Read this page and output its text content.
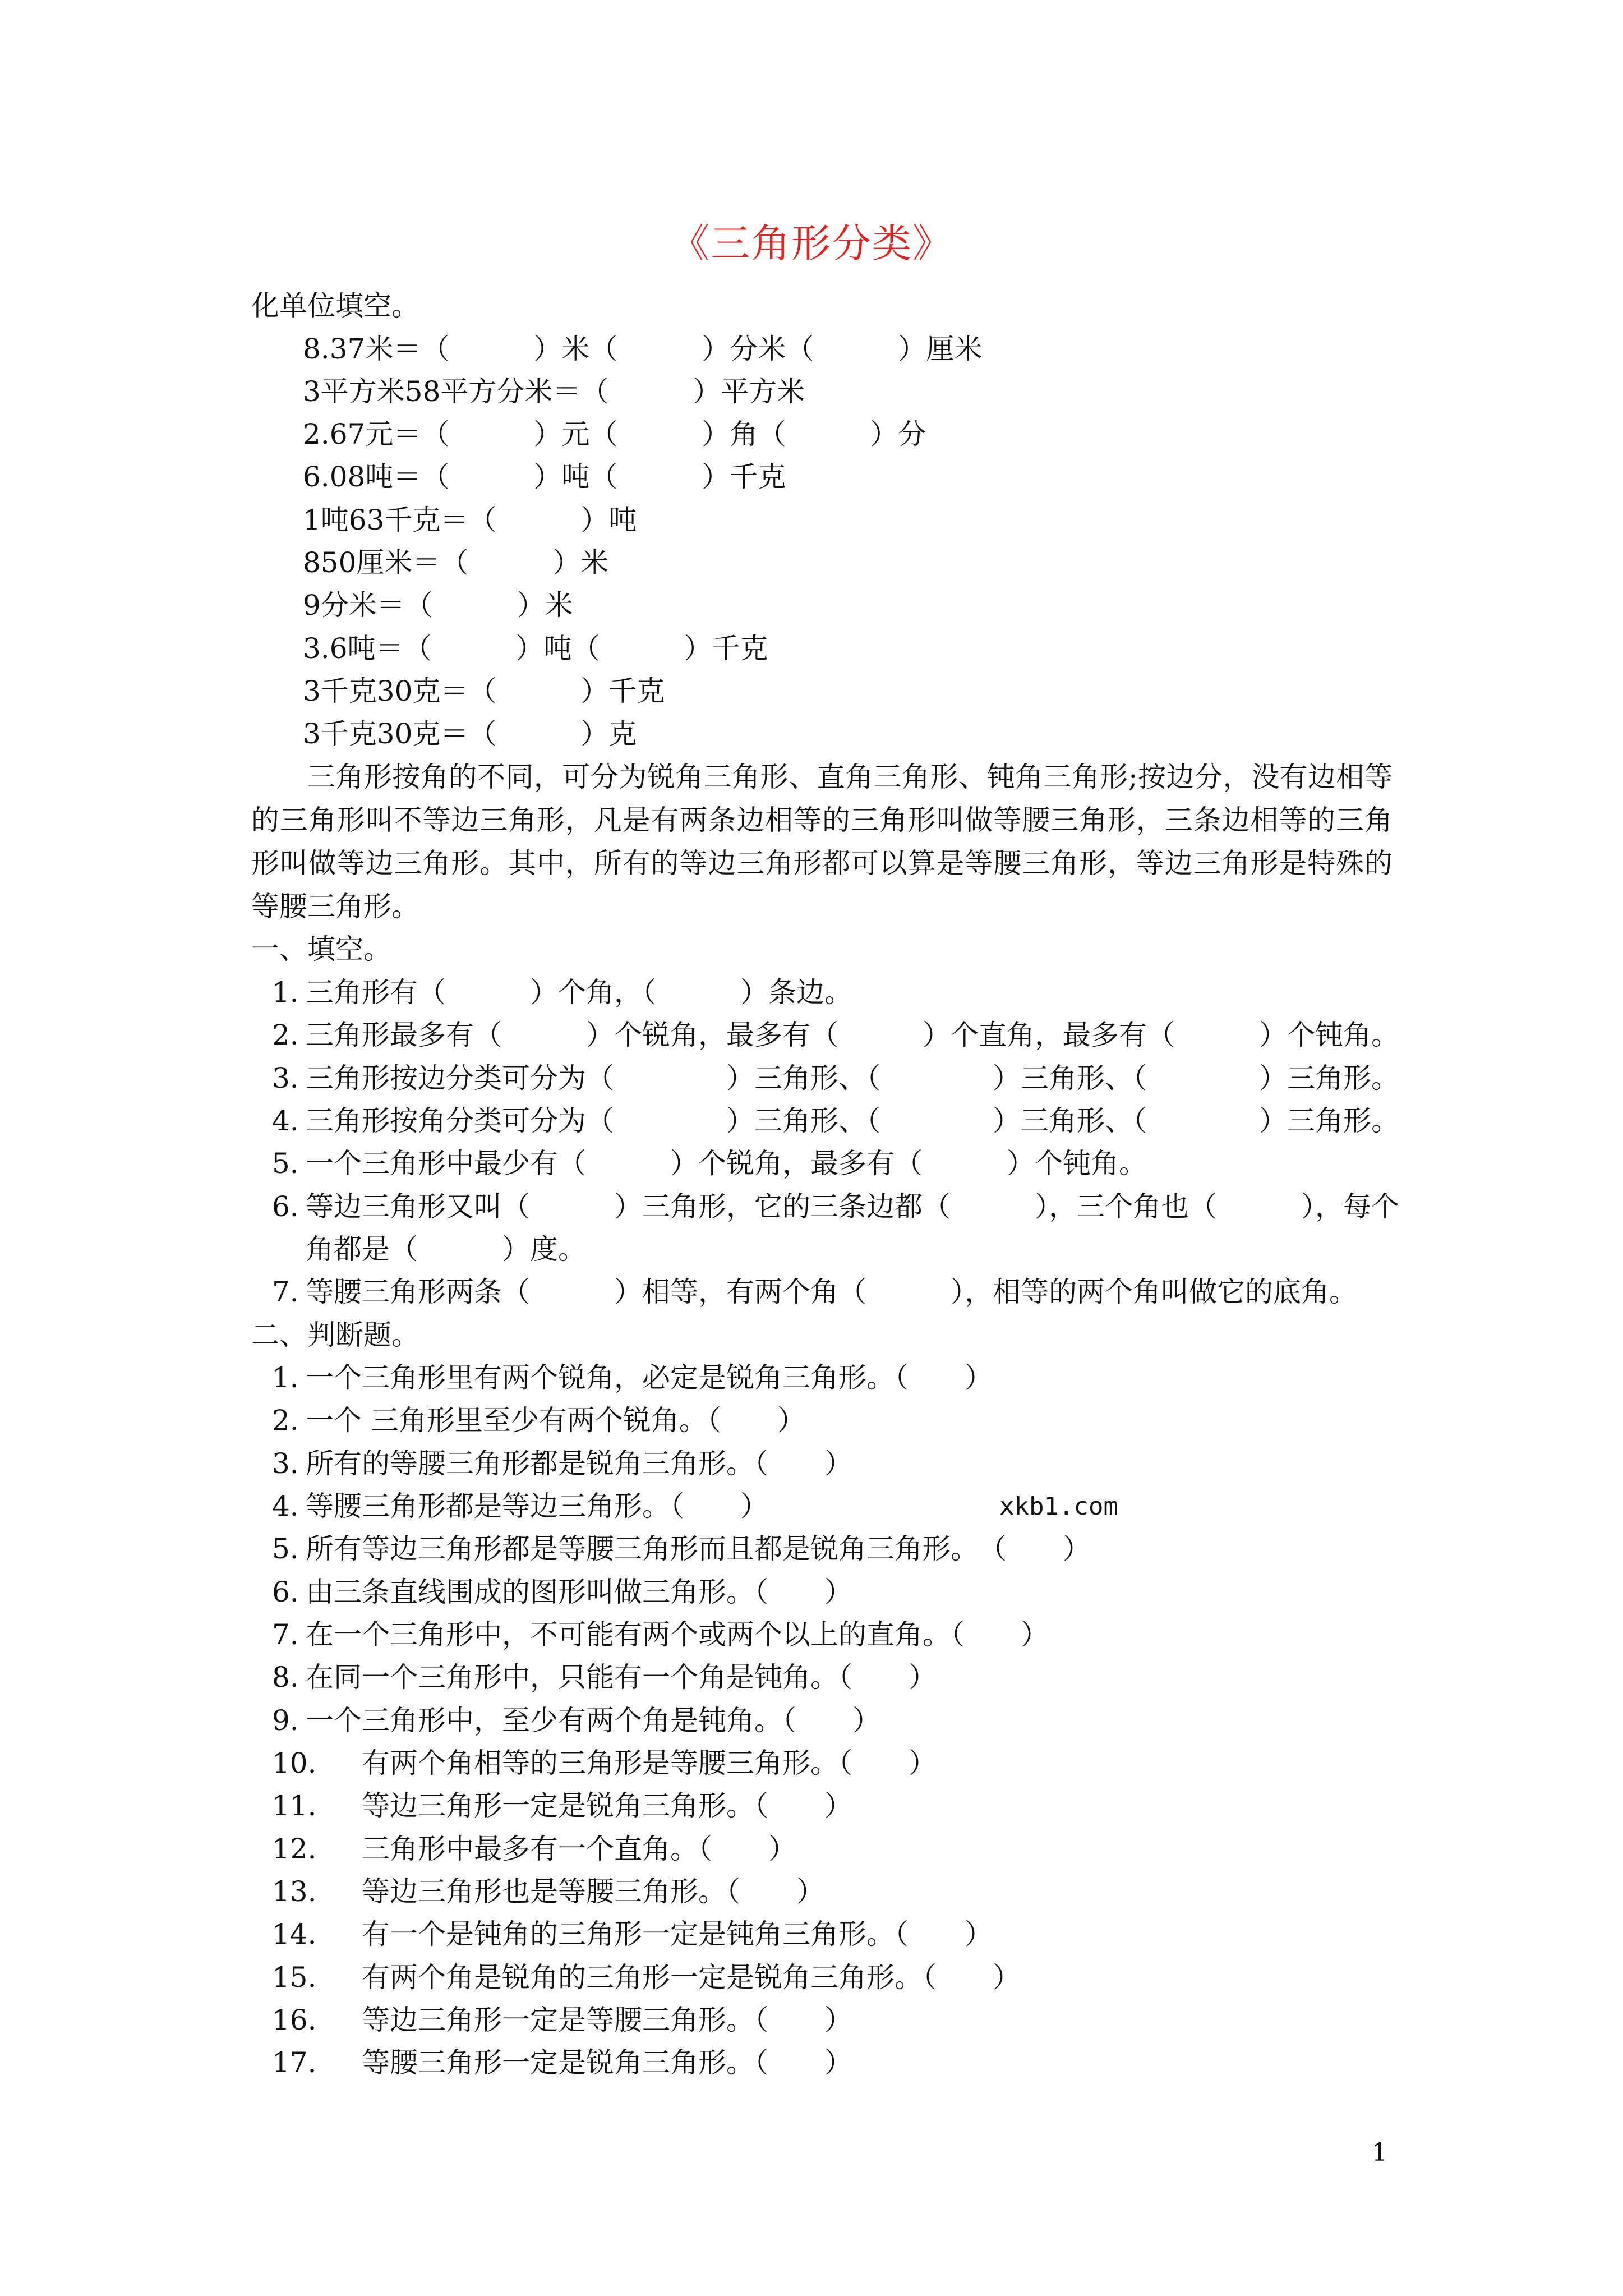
《三角形分类》
化单位填空。
8.37米＝（　　　）米（　　　）分米（　　　）厘米
3平方米58平方分米＝（　　　）平方米
2.67元＝（　　　）元（　　　）角（　　　）分
6.08吨＝（　　　）吨（　　　）千克
1吨63千克＝（　　　）吨
850厘米＝（　　　）米
9分米＝（　　　）米
3.6吨＝（　　　）吨（　　　）千克
3千克30克＝（　　　）千克
3千克30克＝（　　　）克
三角形按角的不同，可分为锐角三角形、直角三角形、钝角三角形;按边分，没有边相等的三角形叫不等边三角形，凡是有两条边相等的三角形叫做等腰三角形，三条边相等的三角形叫做等边三角形。其中，所有的等边三角形都可以算是等腰三角形，等边三角形是特殊的等腰三角形。
一、填空。
1. 三角形有（　　　）个角，（　　　）条边。
2. 三角形最多有（　　　）个锐角，最多有（　　　）个直角，最多有（　　　）个钝角。
3. 三角形按边分类可分为（　　　　）三角形、（　　　　）三角形、（　　　　）三角形。
4. 三角形按角分类可分为（　　　　）三角形、（　　　　）三角形、（　　　　）三角形。
5. 一个三角形中最少有（　　　）个锐角，最多有（　　　）个钝角。
6. 等边三角形又叫（　　　）三角形，它的三条边都（　　　），三个角也（　　　），每个
角都是（　　　）度。
7. 等腰三角形两条（　　　）相等，有两个角（　　　），相等的两个角叫做它的底角。
二、判断题。
1. 一个三角形里有两个锐角，必定是锐角三角形。（　　）
2. 一个 三角形里至少有两个锐角。（　　）
3. 所有的等腰三角形都是锐角三角形。（　　）
4. 等腰三角形都是等边三角形。（　　）
5. 所有等边三角形都是等腰三角形而且都是锐角三角形。　（　　）
6. 由三条直线围成的图形叫做三角形。（　　）
7. 在一个三角形中，不可能有两个或两个以上的直角。（　　）
8. 在同一个三角形中，只能有一个角是钝角。（　　）
9. 一个三角形中，至少有两个角是钝角。（　　）
10. 有两个角相等的三角形是等腰三角形。（　　）
11. 等边三角形一定是锐角三角形。（　　）
12. 三角形中最多有一个直角。（　　）
13. 等边三角形也是等腰三角形。（　　）
14. 有一个是钝角的三角形一定是钝角三角形。（　　）
15. 有两个角是锐角的三角形一定是锐角三角形。（　　）
16. 等边三角形一定是等腰三角形。（　　）
17. 等腰三角形一定是锐角三角形。（　　）
xkb1.com
1
